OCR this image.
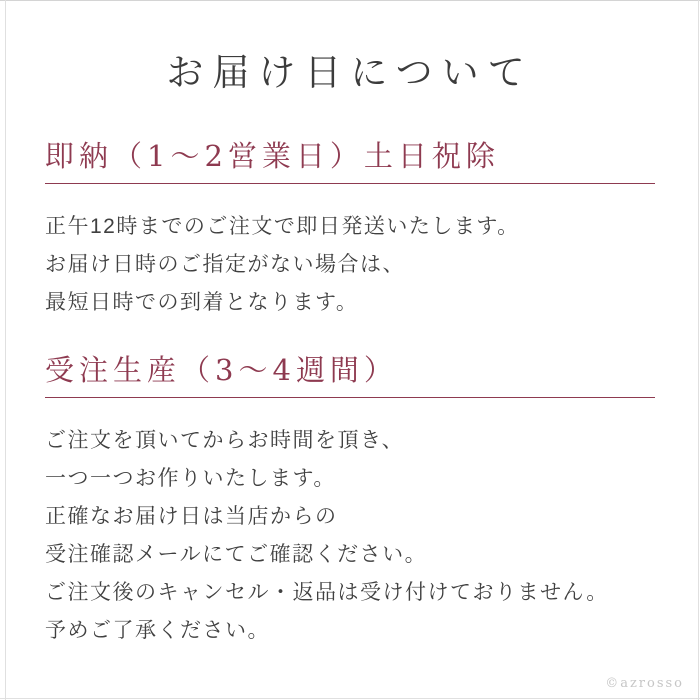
お届け日について
即納（1〜2営業日）土日祝除
正午12時までのご注文で即日発送いたします。
お届け日時のご指定がない場合は、
最短日時での到着となります。
受注生産（3〜4週間）
ご注文を頂いてからお時間を頂き、
一つ一つお作りいたします。
正確なお届け日は当店からの
受注確認メールにてご確認ください。
ご注文後のキャンセル・返品は受け付けておりません。
予めご了承ください。
©azrosso
